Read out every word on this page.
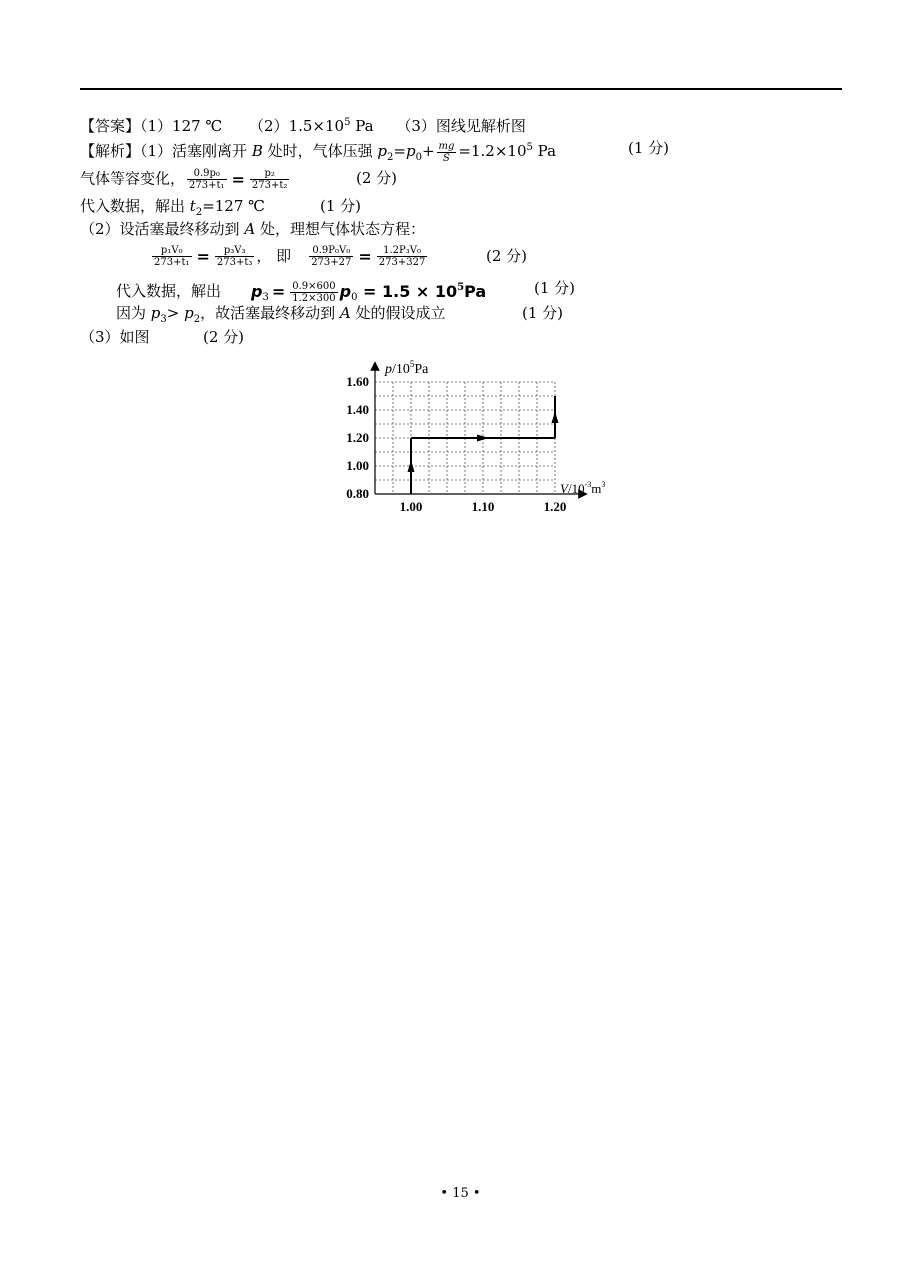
【答案】（1）127 ℃ $(2)1.5\times 10^5$ Pa （3）图线见解析图
【解析】（1）活塞刚离开 B 处时，气体压强 $p_2=p_0+ \frac{mg}{S} =1.2\times 10^5$ Pa	(1 分)
气体等容变化， $\frac{\text{0.9p₀}}{\text{273+t₁}} = \frac{\text{p₂}}{\text{273+t₂}}$	(2 分)
代入数据，解出 $t_2=127$ ℃	(1 分)
（2）设活塞最终移动到 A 处，理想气体状态方程：
$\frac{\text{p₁V₀}}{\text{273+t₁}} = \frac{\text{p₃V₃}}{\text{273+t₃}}$ ， 即 $\frac{\text{0.9P₀V₀}}{273+27} = \frac{\text{1.2P₃V₀}}{273+327}$	(2 分)
代入数据，解出 $p_3 = \frac{0.9\times 600}{1.2\times 300} p_0 = 1.5 \times 10^5Pa$	(1 分)
因为 $p_3> p_2$，故活塞最终移动到 A 处的假设成立	(1 分)
（3）如图	(2 分)
0.80
1.00
1.20
1.40
1.60
1.00	1.10	1.20
$p/10^5Pa$
$V/10^{-3}m^3$
• 15 •
